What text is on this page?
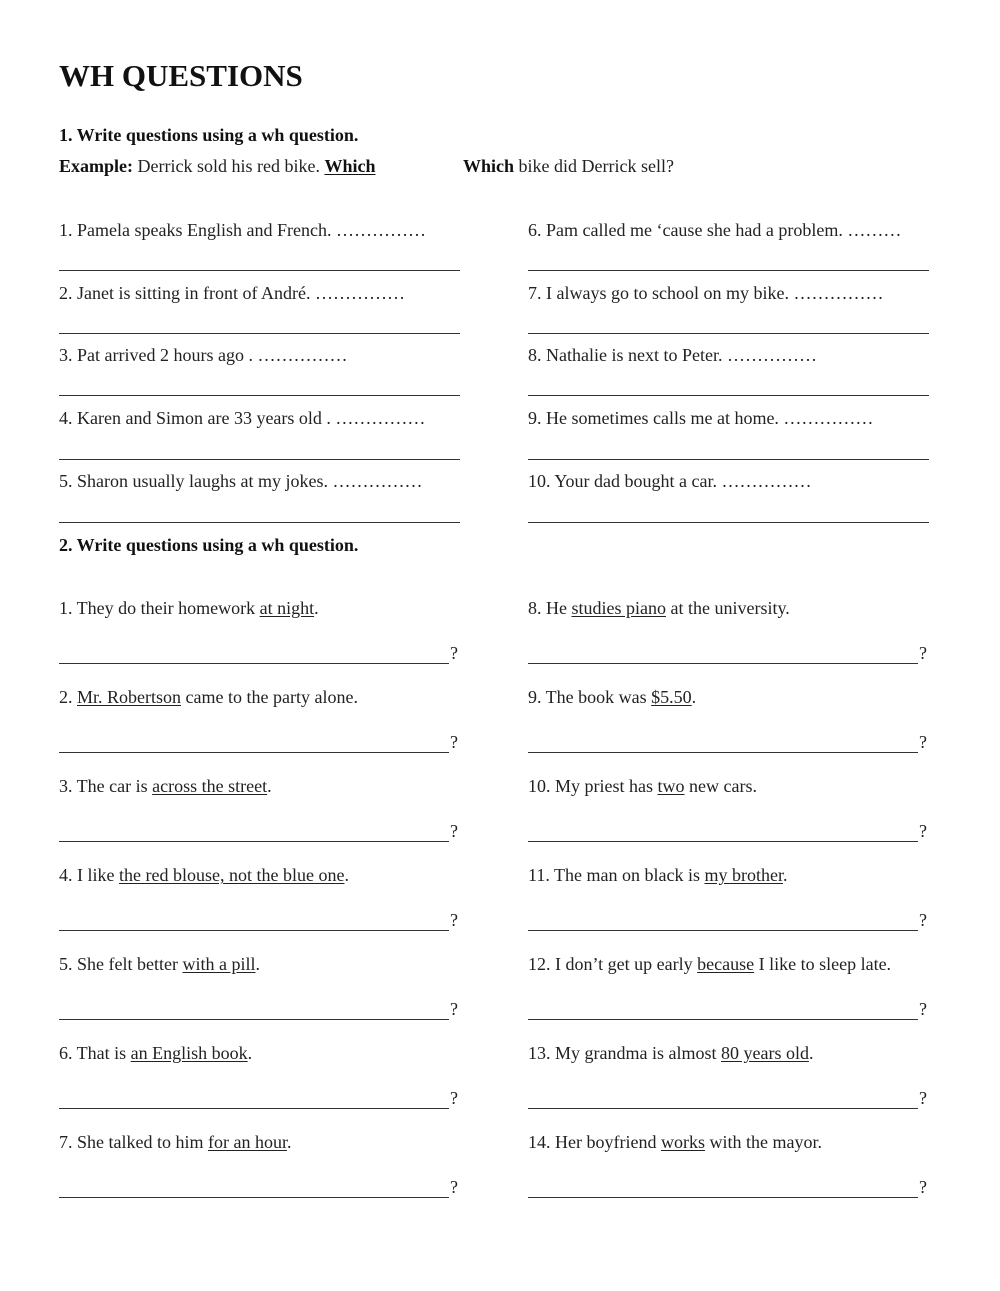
WH QUESTIONS
1. Write questions using a wh question.
Example: Derrick sold his red bike. Which	Which bike did Derrick sell?
1. Pamela speaks English and French. ……………
2. Janet is sitting in front of André. ……………
3. Pat arrived 2 hours ago . ……………
4. Karen and Simon are 33 years old . ……………
5. Sharon usually laughs at my jokes. ……………
6. Pam called me ‘cause she had a problem. ………
7. I always go to school on my bike. ……………
8. Nathalie is next to Peter. ……………
9. He sometimes calls me at home. ……………
10. Your dad bought a car. ……………
2. Write questions using a wh question.
1. They do their homework at night.
?
2. Mr. Robertson came to the party alone.
?
3. The car is across the street.
?
4. I like the red blouse, not the blue one.
?
5. She felt better with a pill.
?
6. That is an English book.
?
7. She talked to him for an hour.
?
8. He studies piano at the university.
?
9. The book was $5.50.
?
10. My priest has two new cars.
?
11. The man on black is my brother.
?
12. I don’t get up early because I like to sleep late.
?
13. My grandma is almost 80 years old.
?
14. Her boyfriend works with the mayor.
?
